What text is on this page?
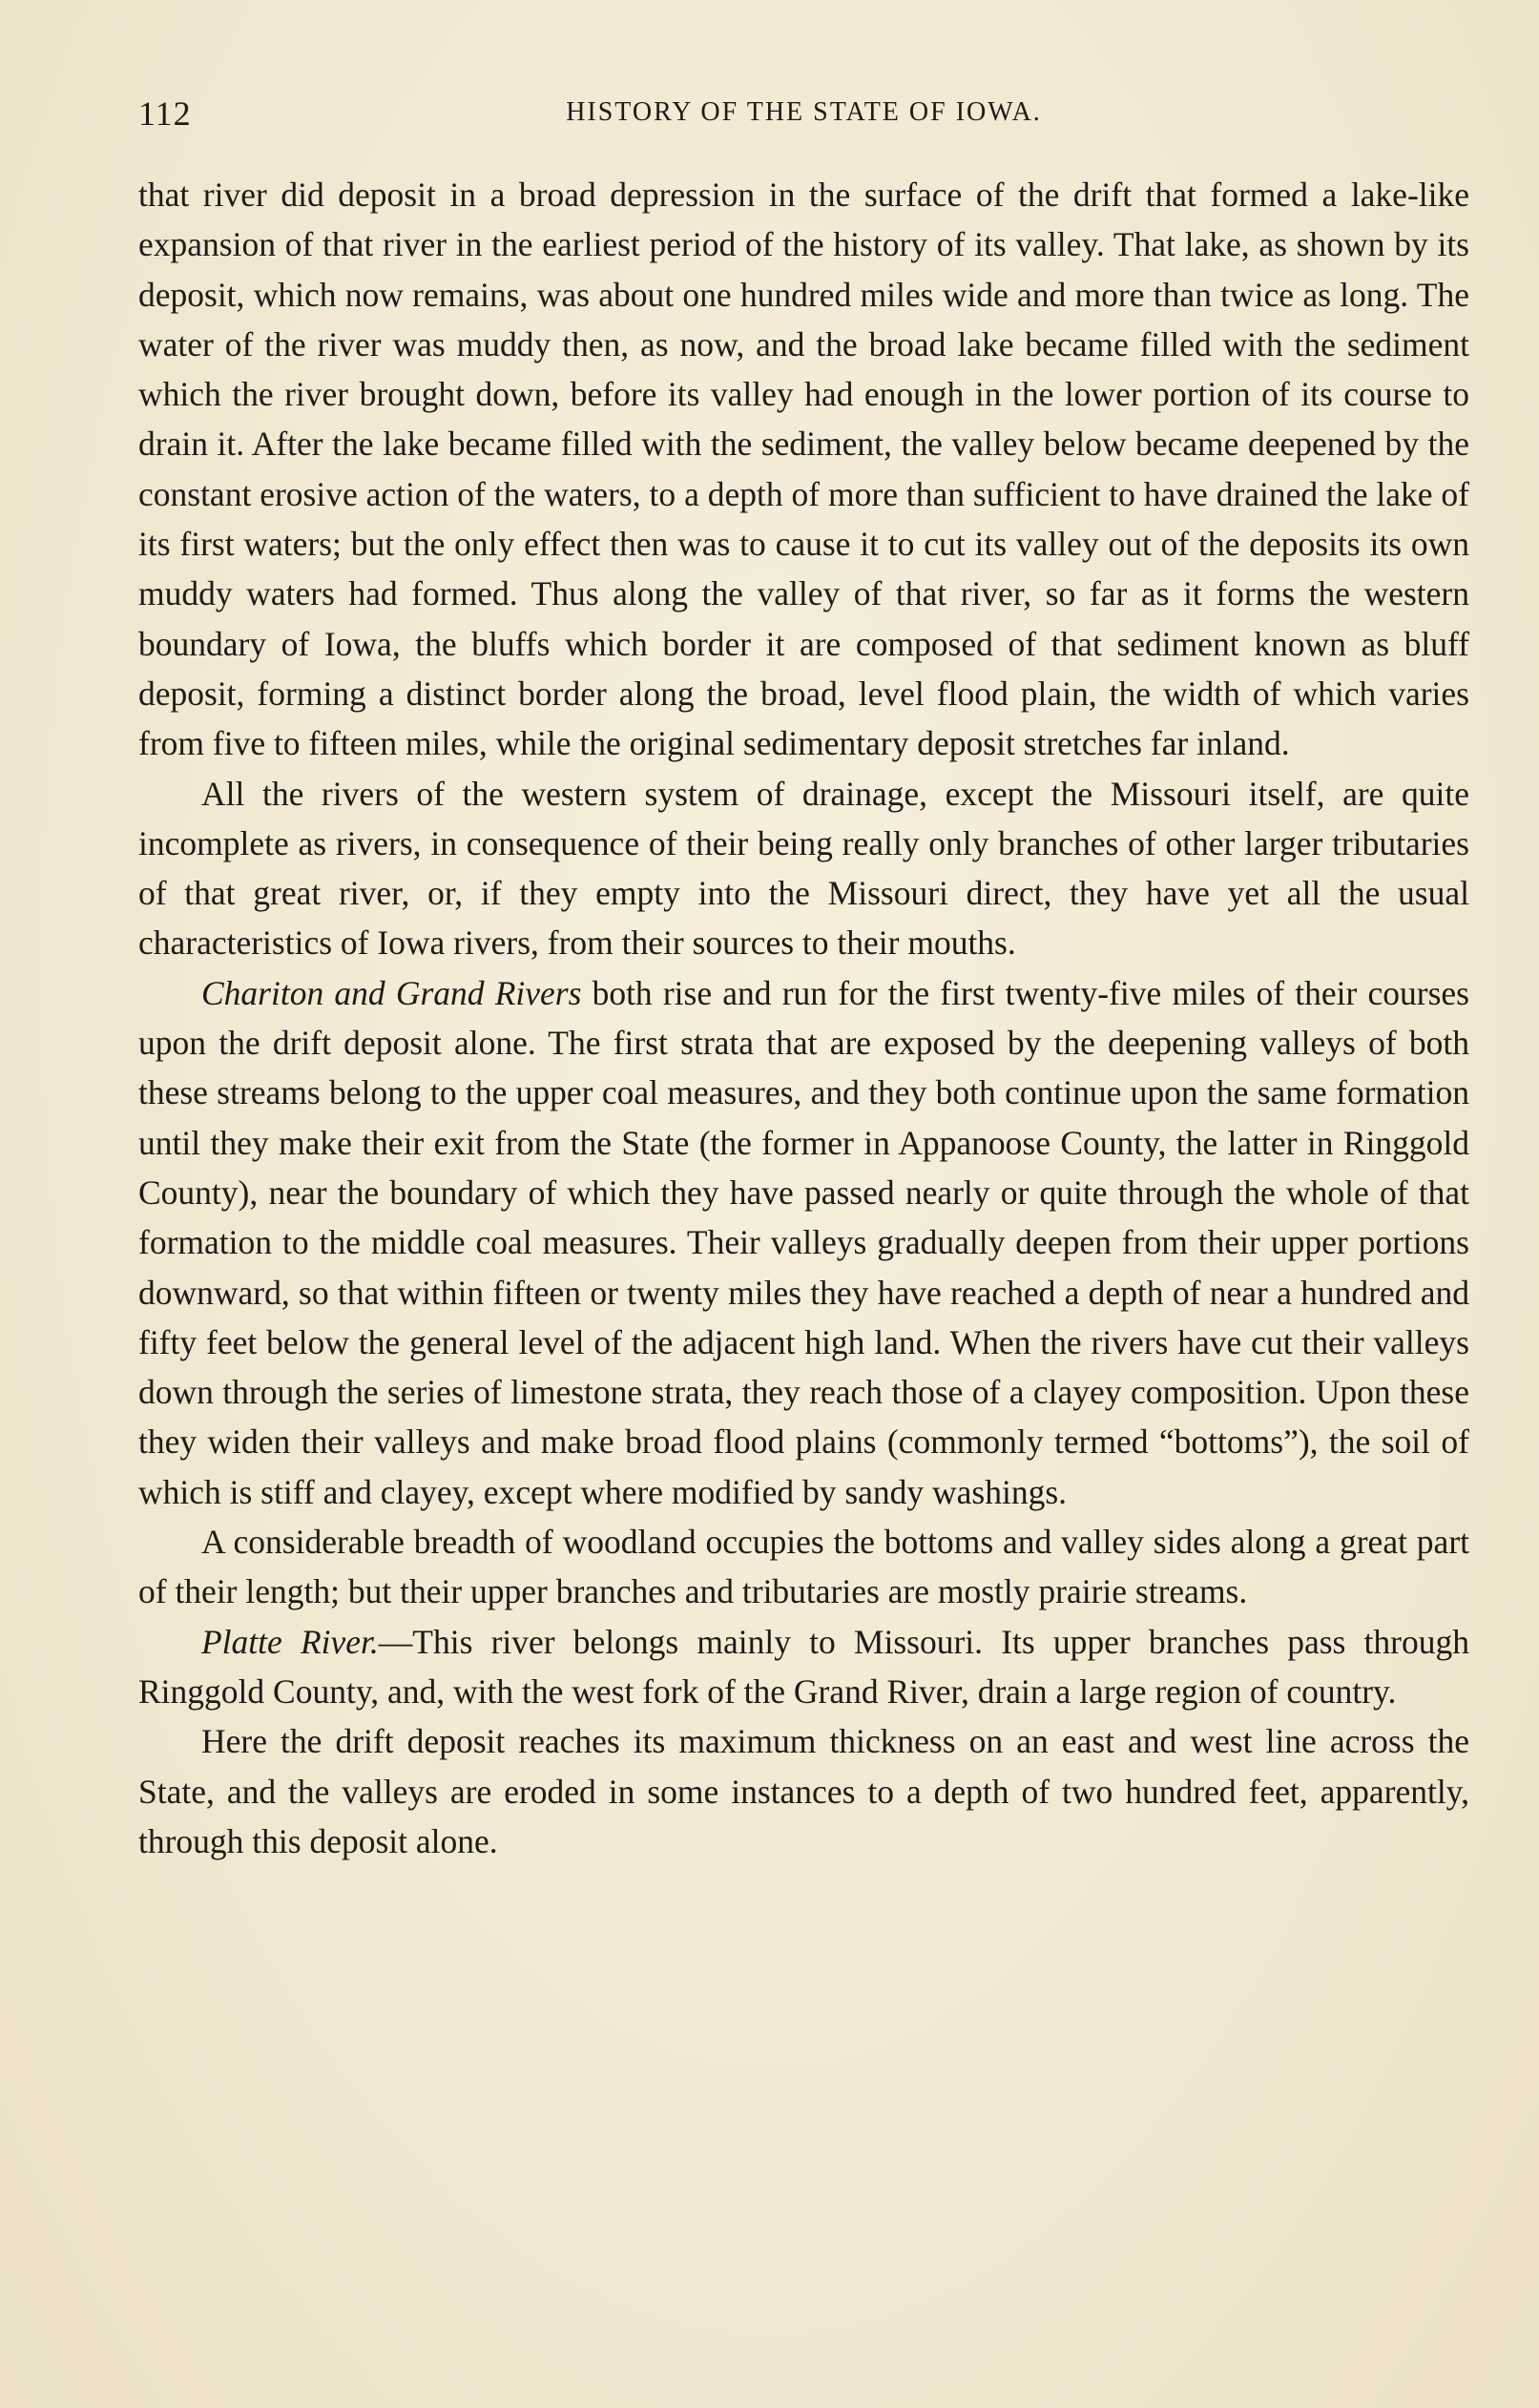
112	HISTORY OF THE STATE OF IOWA.

that river did deposit in a broad depression in the surface of the drift that formed a lake-like expansion of that river in the earliest period of the history of its valley. That lake, as shown by its deposit, which now remains, was about one hundred miles wide and more than twice as long. The water of the river was muddy then, as now, and the broad lake became filled with the sediment which the river brought down, before its valley had enough in the lower portion of its course to drain it. After the lake became filled with the sediment, the valley below became deepened by the constant erosive action of the waters, to a depth of more than sufficient to have drained the lake of its first waters; but the only effect then was to cause it to cut its valley out of the deposits its own muddy waters had formed. Thus along the valley of that river, so far as it forms the western boundary of Iowa, the bluffs which border it are composed of that sediment known as bluff deposit, forming a distinct border along the broad, level flood plain, the width of which varies from five to fifteen miles, while the original sedimentary deposit stretches far inland.

All the rivers of the western system of drainage, except the Missouri itself, are quite incomplete as rivers, in consequence of their being really only branches of other larger tributaries of that great river, or, if they empty into the Missouri direct, they have yet all the usual characteristics of Iowa rivers, from their sources to their mouths.

Chariton and Grand Rivers both rise and run for the first twenty-five miles of their courses upon the drift deposit alone. The first strata that are exposed by the deepening valleys of both these streams belong to the upper coal measures, and they both continue upon the same formation until they make their exit from the State (the former in Appanoose County, the latter in Ringgold County), near the boundary of which they have passed nearly or quite through the whole of that formation to the middle coal measures. Their valleys gradually deepen from their upper portions downward, so that within fifteen or twenty miles they have reached a depth of near a hundred and fifty feet below the general level of the adjacent high land. When the rivers have cut their valleys down through the series of limestone strata, they reach those of a clayey composition. Upon these they widen their valleys and make broad flood plains (commonly termed “bottoms”), the soil of which is stiff and clayey, except where modified by sandy washings.

A considerable breadth of woodland occupies the bottoms and valley sides along a great part of their length; but their upper branches and tributaries are mostly prairie streams.

Platte River.—This river belongs mainly to Missouri. Its upper branches pass through Ringgold County, and, with the west fork of the Grand River, drain a large region of country.

Here the drift deposit reaches its maximum thickness on an east and west line across the State, and the valleys are eroded in some instances to a depth of two hundred feet, apparently, through this deposit alone.
